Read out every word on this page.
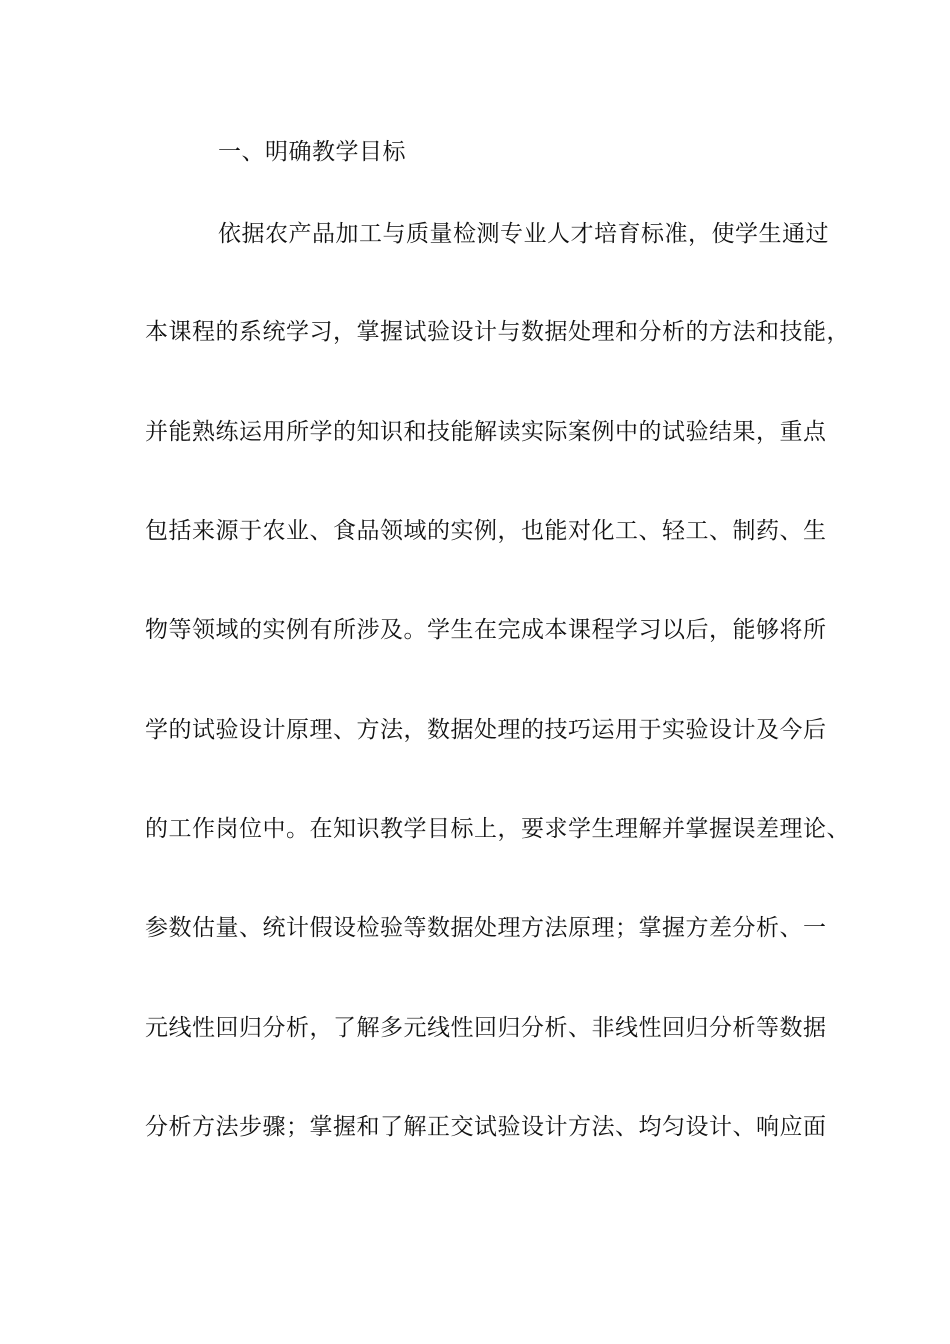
一、明确教学目标
依据农产品加工与质量检测专业人才培育标准，使学生通过
本课程的系统学习，掌握试验设计与数据处理和分析的方法和技能，
并能熟练运用所学的知识和技能解读实际案例中的试验结果，重点
包括来源于农业、食品领域的实例，也能对化工、轻工、制药、生
物等领域的实例有所涉及。学生在完成本课程学习以后，能够将所
学的试验设计原理、方法，数据处理的技巧运用于实验设计及今后
的工作岗位中。在知识教学目标上，要求学生理解并掌握误差理论、
参数估量、统计假设检验等数据处理方法原理；掌握方差分析、一
元线性回归分析，了解多元线性回归分析、非线性回归分析等数据
分析方法步骤；掌握和了解正交试验设计方法、均匀设计、响应面
